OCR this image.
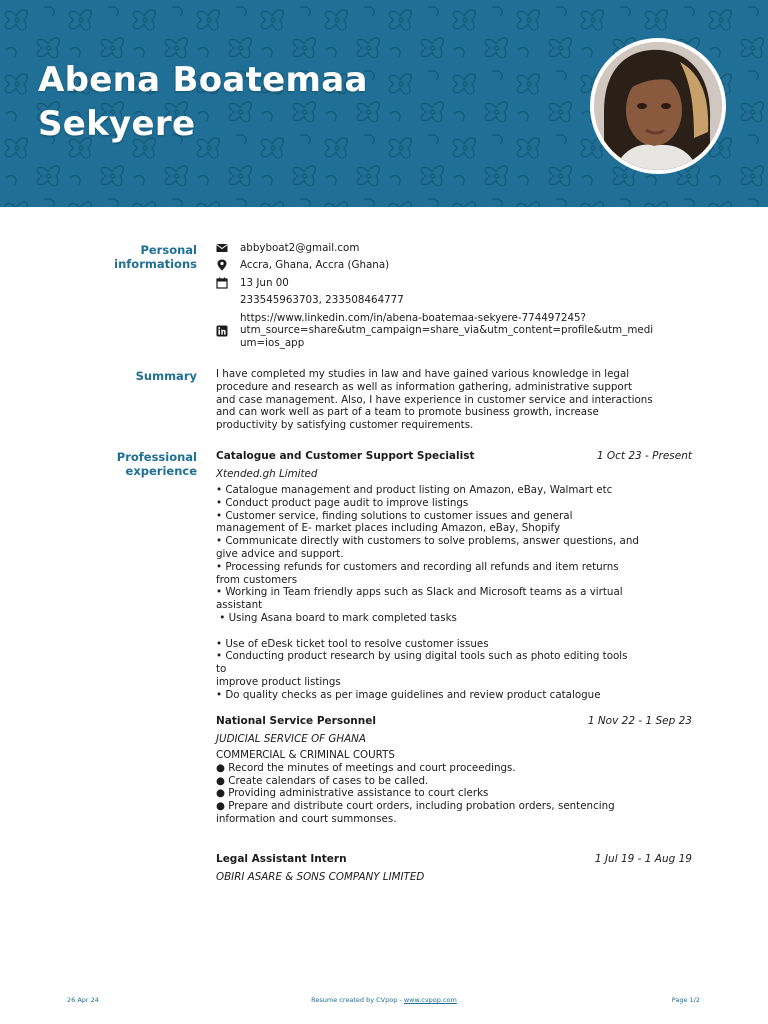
Abena Boatemaa
Sekyere
Personal
informations
abbyboat2@gmail.com
Accra, Ghana, Accra (Ghana)
13 Jun 00
233545963703, 233508464777
https://www.linkedin.com/in/abena-boatemaa-sekyere-774497245?
utm_source=share&utm_campaign=share_via&utm_content=profile&utm_medi
um=ios_app
Summary I have completed my studies in law and have gained various knowledge in legal
procedure and research as well as information gathering, administrative support
and case management. Also, I have experience in customer service and interactions
and can work well as part of a team to promote business growth, increase
productivity by satisfying customer requirements.
Professional
experience
Catalogue and Customer Support Specialist	1 Oct 23 - Present
Xtended.gh Limited
• Catalogue management and product listing on Amazon, eBay, Walmart etc
• Conduct product page audit to improve listings
• Customer service, finding solutions to customer issues and general
management of E- market places including Amazon, eBay, Shopify
• Communicate directly with customers to solve problems, answer questions, and
give advice and support.
• Processing refunds for customers and recording all refunds and item returns
from customers
• Working in Team friendly apps such as Slack and Microsoft teams as a virtual
assistant
• Using Asana board to mark completed tasks
• Use of eDesk ticket tool to resolve customer issues
• Conducting product research by using digital tools such as photo editing tools
to
improve product listings
• Do quality checks as per image guidelines and review product catalogue
National Service Personnel	1 Nov 22 - 1 Sep 23
JUDICIAL SERVICE OF GHANA
COMMERCIAL & CRIMINAL COURTS
● Record the minutes of meetings and court proceedings.
● Create calendars of cases to be called.
● Providing administrative assistance to court clerks
● Prepare and distribute court orders, including probation orders, sentencing
information and court summonses.
Legal Assistant Intern	1 Jul 19 - 1 Aug 19
OBIRI ASARE & SONS COMPANY LIMITED
26 Apr 24	Resume created by CVpop - www.cvpop.com	Page 1/2
